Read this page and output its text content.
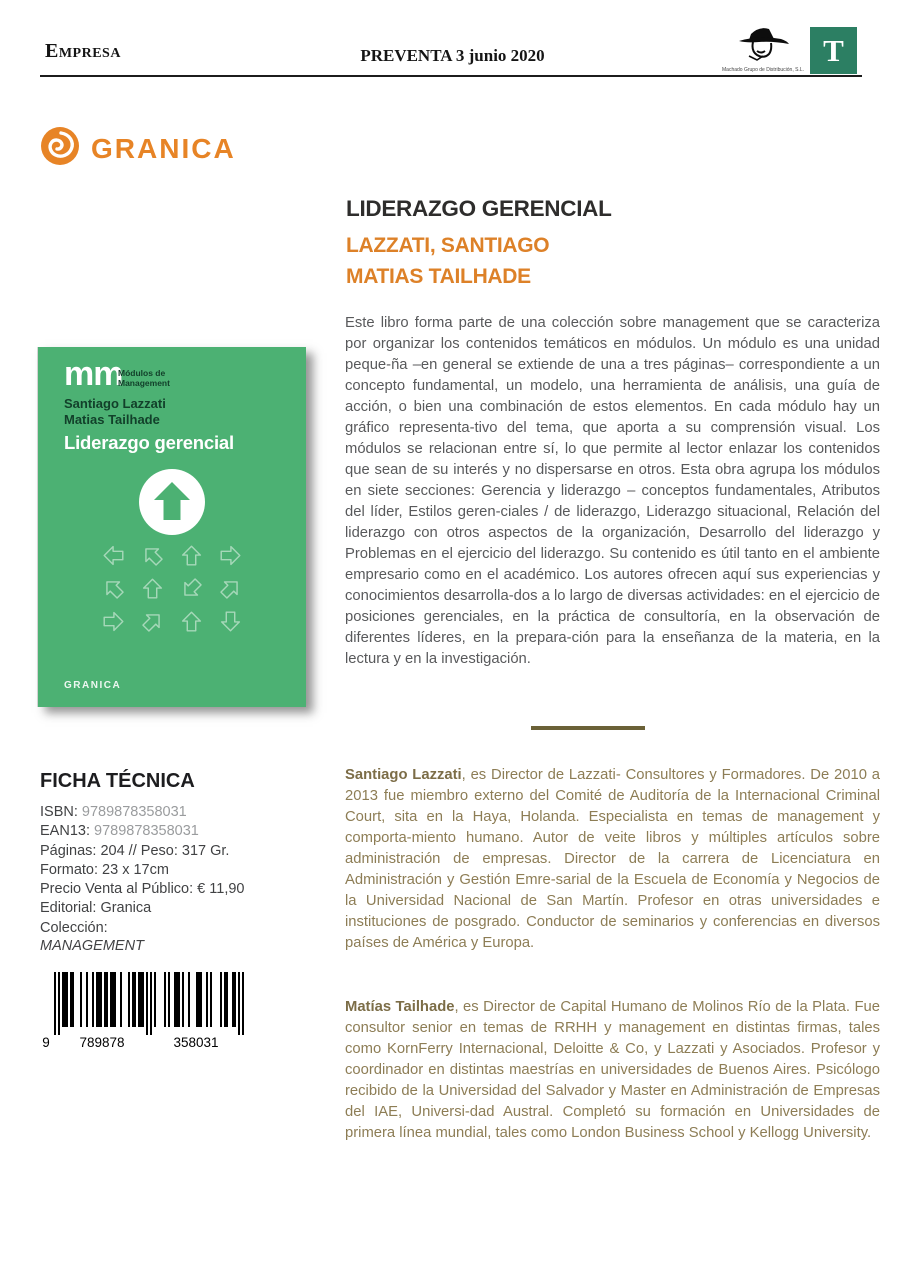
Empresa	PREVENTA 3 junio 2020
Machado Grupo de Distribución, S.L.
T
GRANICA
LIDERAZGO GERENCIAL
LAZZATI, SANTIAGO
MATIAS TAILHADE
Este libro forma parte de una colección sobre management que se caracteriza por organizar los contenidos temáticos en módulos. Un módulo es una unidad peque-ña –en general se extiende de una a tres páginas– correspondiente a un concepto fundamental, un modelo, una herramienta de análisis, una guía de acción, o bien una combinación de estos elementos. En cada módulo hay un gráfico representa-tivo del tema, que aporta a su comprensión visual. Los módulos se relacionan entre sí, lo que permite al lector enlazar los contenidos que sean de su interés y no dispersarse en otros. Esta obra agrupa los módulos en siete secciones: Gerencia y liderazgo – conceptos fundamentales, Atributos del líder, Estilos geren-ciales / de liderazgo, Liderazgo situacional, Relación del liderazgo con otros aspectos de la organización, Desarrollo del liderazgo y Problemas en el ejercicio del liderazgo. Su contenido es útil tanto en el ambiente empresario como en el académico. Los autores ofrecen aquí sus experiencias y conocimientos desarrolla-dos a lo largo de diversas actividades: en el ejercicio de posiciones gerenciales, en la práctica de consultoría, en la observación de diferentes líderes, en la prepara-ción para la enseñanza de la materia, en la lectura y en la investigación.
mm
Módulos de
Management
Santiago Lazzati
Matias Tailhade
Liderazgo gerencial
GRANICA
FICHA TÉCNICA
ISBN: 9789878358031
EAN13: 9789878358031
Páginas: 204 // Peso: 317 Gr.
Formato: 23 x 17cm
Precio Venta al Público: € 11,90
Editorial: Granica
Colección:
MANAGEMENT
9 789878	358031

Santiago Lazzati, es Director de Lazzati- Consultores y Formadores. De 2010 a 2013 fue miembro externo del Comité de Auditoría de la Internacional Criminal Court, sita en la Haya, Holanda. Especialista en temas de management y comporta-miento humano. Autor de veite libros y múltiples artículos sobre administración de empresas. Director de la carrera de Licenciatura en Administración y Gestión Emre-sarial de la Escuela de Economía y Negocios de la Universidad Nacional de San Martín. Profesor en otras universidades e instituciones de posgrado. Conductor de seminarios y conferencias en diversos países de América y Europa.

Matías Tailhade, es Director de Capital Humano de Molinos Río de la Plata. Fue consultor senior en temas de RRHH y management en distintas firmas, tales como KornFerry Internacional, Deloitte & Co, y Lazzati y Asociados. Profesor y coordinador en distintas maestrías en universidades de Buenos Aires. Psicólogo recibido de la Universidad del Salvador y Master en Administración de Empresas del IAE, Universi-dad Austral. Completó su formación en Universidades de primera línea mundial, tales como London Business School y Kellogg University.
